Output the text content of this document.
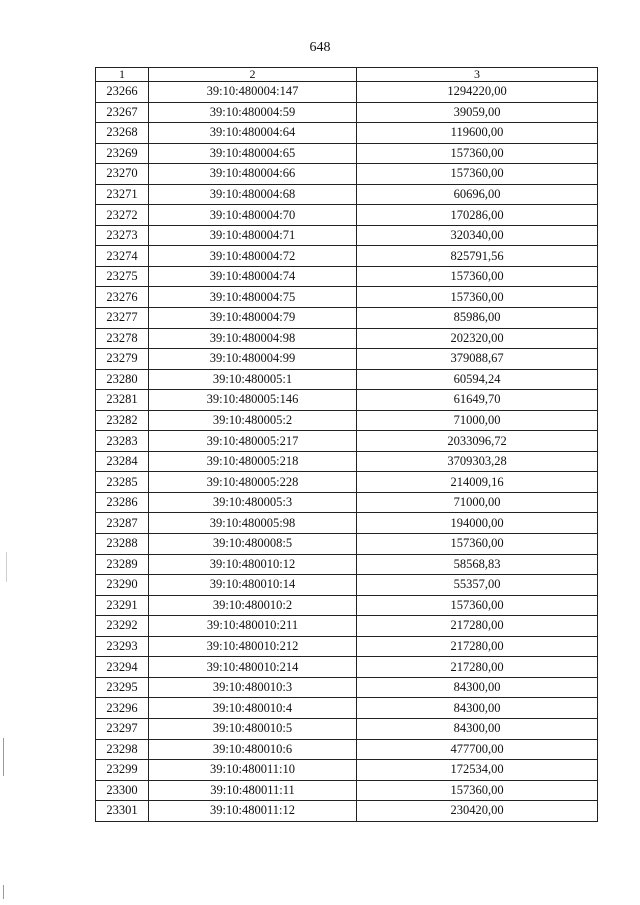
648
1	2	3
23266	39:10:480004:147	1294220,00
23267	39:10:480004:59	39059,00
23268	39:10:480004:64	119600,00
23269	39:10:480004:65	157360,00
23270	39:10:480004:66	157360,00
23271	39:10:480004:68	60696,00
23272	39:10:480004:70	170286,00
23273	39:10:480004:71	320340,00
23274	39:10:480004:72	825791,56
23275	39:10:480004:74	157360,00
23276	39:10:480004:75	157360,00
23277	39:10:480004:79	85986,00
23278	39:10:480004:98	202320,00
23279	39:10:480004:99	379088,67
23280	39:10:480005:1	60594,24
23281	39:10:480005:146	61649,70
23282	39:10:480005:2	71000,00
23283	39:10:480005:217	2033096,72
23284	39:10:480005:218	3709303,28
23285	39:10:480005:228	214009,16
23286	39:10:480005:3	71000,00
23287	39:10:480005:98	194000,00
23288	39:10:480008:5	157360,00
23289	39:10:480010:12	58568,83
23290	39:10:480010:14	55357,00
23291	39:10:480010:2	157360,00
23292	39:10:480010:211	217280,00
23293	39:10:480010:212	217280,00
23294	39:10:480010:214	217280,00
23295	39:10:480010:3	84300,00
23296	39:10:480010:4	84300,00
23297	39:10:480010:5	84300,00
23298	39:10:480010:6	477700,00
23299	39:10:480011:10	172534,00
23300	39:10:480011:11	157360,00
23301	39:10:480011:12	230420,00
